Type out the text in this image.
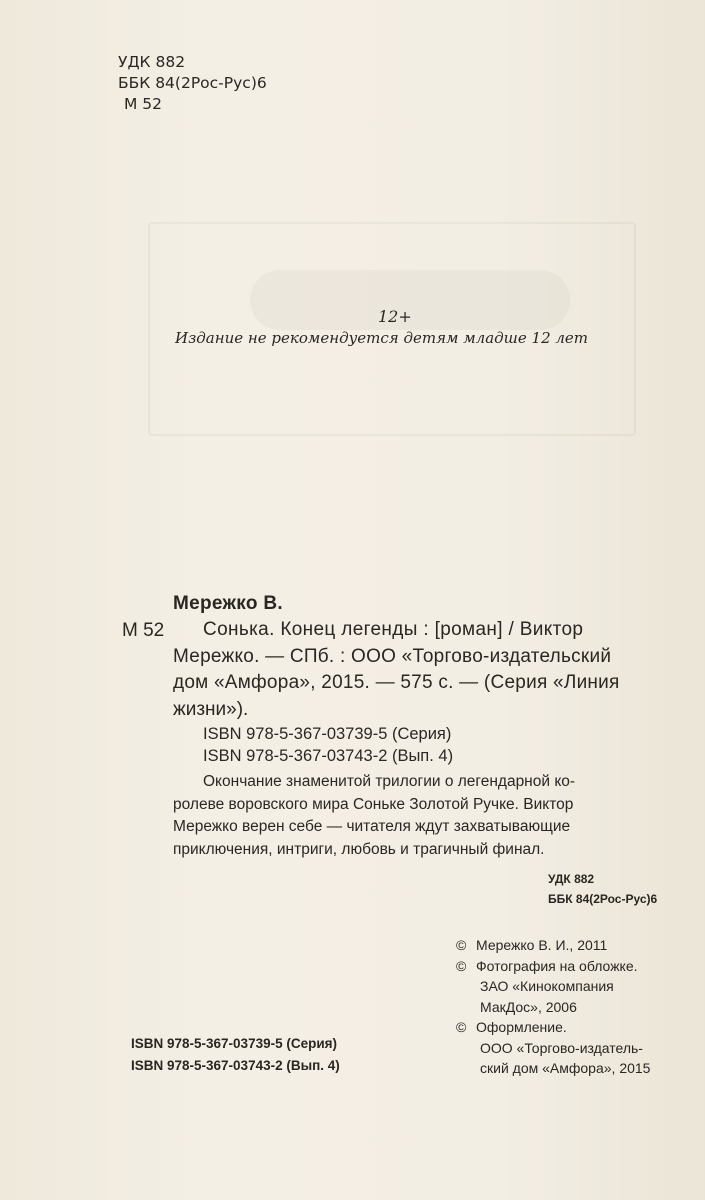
УДК 882
ББК 84(2Рос-Рус)6
М 52
12+
Издание не рекомендуется детям младше 12 лет
Мережко В.
М 52	Сонька. Конец легенды : [роман] / Виктор
Мережко. — СПб. : ООО «Торгово-издательский
дом «Амфора», 2015. — 575 с. — (Серия «Линия
жизни»).
ISBN 978-5-367-03739-5 (Серия)
ISBN 978-5-367-03743-2 (Вып. 4)
Окончание знаменитой трилогии о легендарной ко-
ролеве воровского мира Соньке Золотой Ручке. Виктор
Мережко верен себе — читателя ждут захватывающие
приключения, интриги, любовь и трагичный финал.
УДК 882
ББК 84(2Рос-Рус)6
© Мережко В. И., 2011
© Фотография на обложке.
ЗАО «Кинокомпания
МакДос», 2006
© Оформление.
ООО «Торгово-издатель-
ский дом «Амфора», 2015
ISBN 978-5-367-03739-5 (Серия)
ISBN 978-5-367-03743-2 (Вып. 4)
